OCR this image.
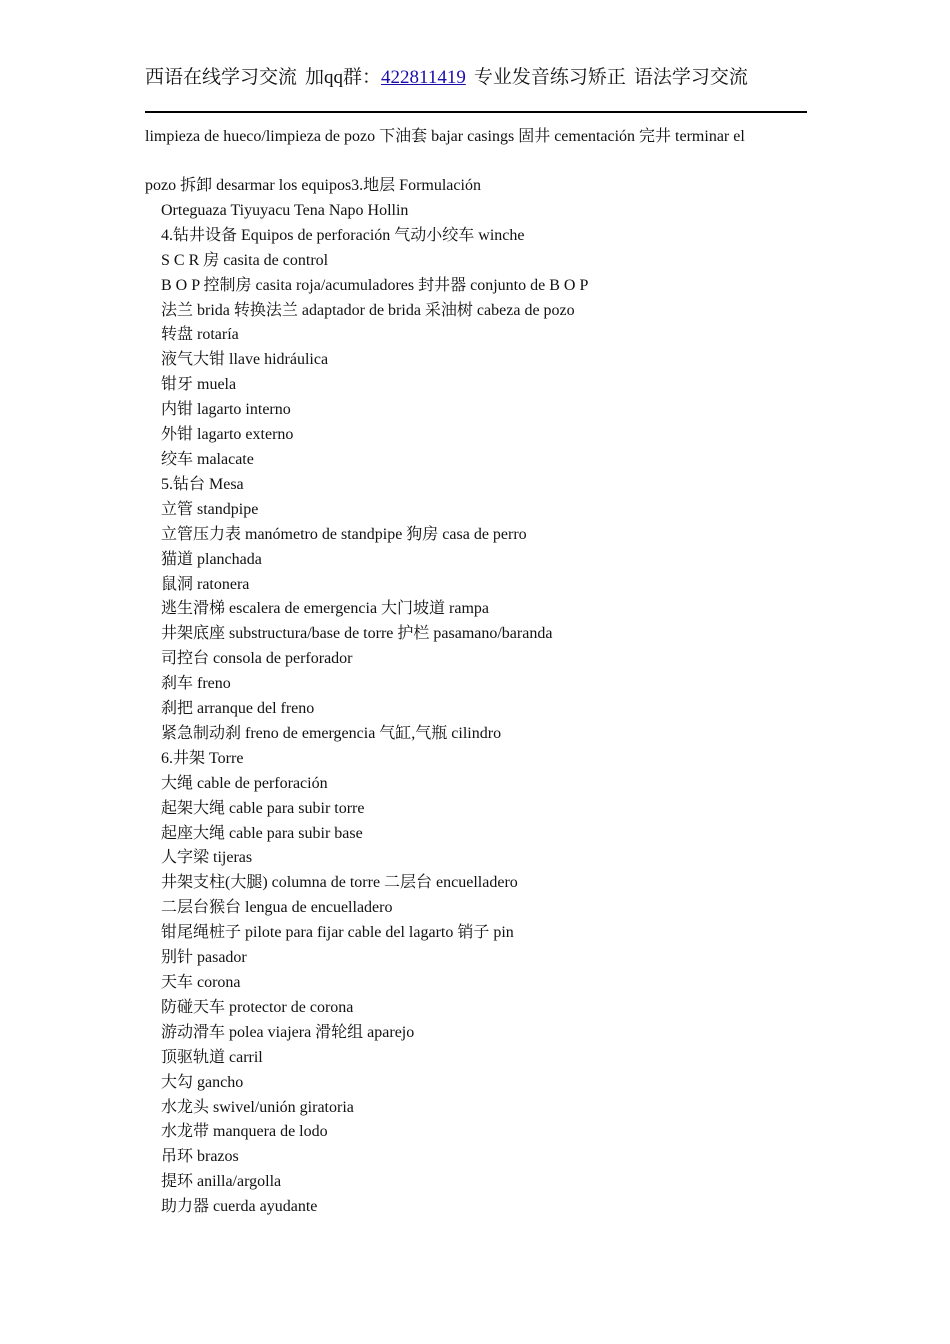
西语在线学习交流 加qq群：422811419 专业发音练习矫正 语法学习交流
limpieza de hueco/limpieza de pozo 下油套 bajar casings 固井 cementación 完井 terminar el
pozo 拆卸 desarmar los equipos3.地层 Formulación
Orteguaza Tiyuyacu Tena Napo Hollin
4.钻井设备 Equipos de perforación 气动小绞车 winche
S C R 房 casita de control
B O P 控制房 casita roja/acumuladores 封井器 conjunto de B O P
法兰 brida 转换法兰 adaptador de brida 采油树 cabeza de pozo
转盘 rotaría
液气大钳 llave hidráulica
钳牙 muela
内钳 lagarto interno
外钳 lagarto externo
绞车 malacate
5.钻台 Mesa
立管 standpipe
立管压力表 manómetro de standpipe 狗房 casa de perro
猫道 planchada
鼠洞 ratonera
逃生滑梯 escalera de emergencia 大门坡道 rampa
井架底座 substructura/base de torre 护栏 pasamano/baranda
司控台 consola de perforador
刹车 freno
刹把 arranque del freno
紧急制动刹 freno de emergencia 气缸,气瓶 cilindro
6.井架 Torre
大绳 cable de perforación
起架大绳 cable para subir torre
起座大绳 cable para subir base
人字梁 tijeras
井架支柱(大腿) columna de torre 二层台 encuelladero
二层台猴台 lengua de encuelladero
钳尾绳桩子 pilote para fijar cable del lagarto 销子 pin
别针 pasador
天车 corona
防碰天车 protector de corona
游动滑车 polea viajera 滑轮组 aparejo
顶驱轨道 carril
大勾 gancho
水龙头 swivel/unión giratoria
水龙带 manquera de lodo
吊环 brazos
提环 anilla/argolla
助力器 cuerda ayudante
